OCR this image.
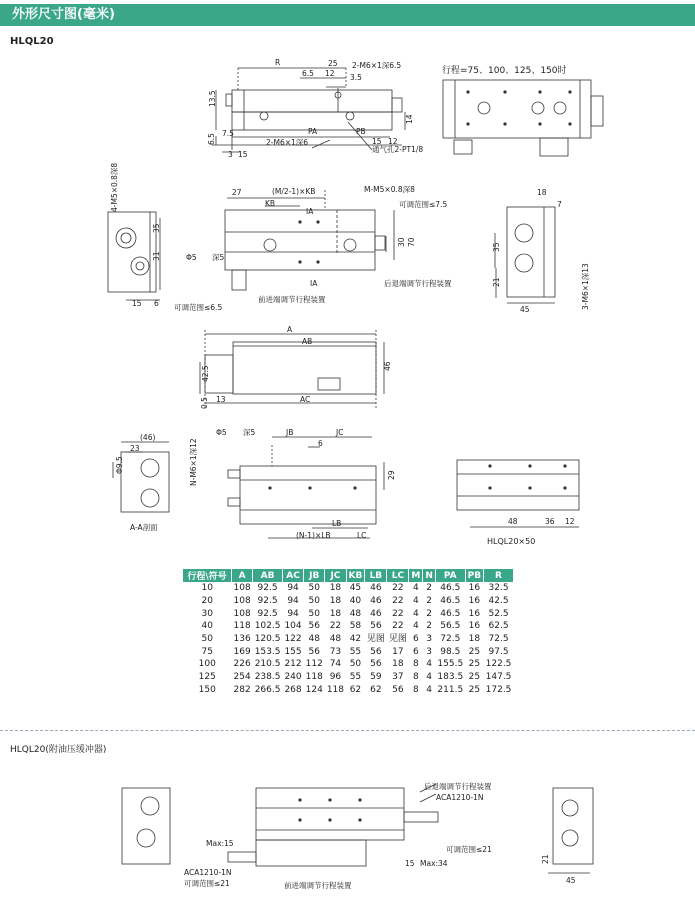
外形尺寸图(毫米)
HLQL20
R	25
6.5 12
2-M6×1深6.5
3.5
13.5
6.5 7.5	PA	PB
15 12
14
3 15
2-M6×1深6
通气孔2-PT1/8
行程=75、100、125、150时
4-M5×0.8深8
35
31
15 6
27	(M/2-1)×KB
KB
IA
IA
M-M5×0.8深8
可调范围≤7.5
Φ5 深5
30 70
后退端调节行程装置
可调范围≤6.5
前进端调节行程装置
18
7
35
21
45	3-M6×1深13
A
AB
AC
42.5
0.5 13
46
(46)
23
Φ9.5	N-M6×1深12
A-A剖面
Φ5 深5	JB	JC
6
29
LB
(N-1)×LB	LC
48	36 12
HLQL20×50
后退端调节行程装置
ACA1210-1N
Max:15
ACA1210-1N
可调范围≤21	前进端调节行程装置
15 Max:34
可调范围≤21
21
45
行程\符号	A	AB	AC	JB	JC	KB	LB	LC	M	N	PA	PB	R
10	108	92.5	94	50	18	45	46	22	4	2	46.5	16	32.5
20	108	92.5	94	50	18	40	46	22	4	2	46.5	16	42.5
30	108	92.5	94	50	18	48	46	22	4	2	46.5	16	52.5
40	118	102.5	104	56	22	58	56	22	4	2	56.5	16	62.5
50	136	120.5	122	48	48	42	见图	见图	6	3	72.5	18	72.5
75	169	153.5	155	56	73	55	56	17	6	3	98.5	25	97.5
100	226	210.5	212	112	74	50	56	18	8	4	155.5	25	122.5
125	254	238.5	240	118	96	55	59	37	8	4	183.5	25	147.5
150	282	266.5	268	124	118	62	62	56	8	4	211.5	25	172.5
HLQL20(附油压缓冲器)
